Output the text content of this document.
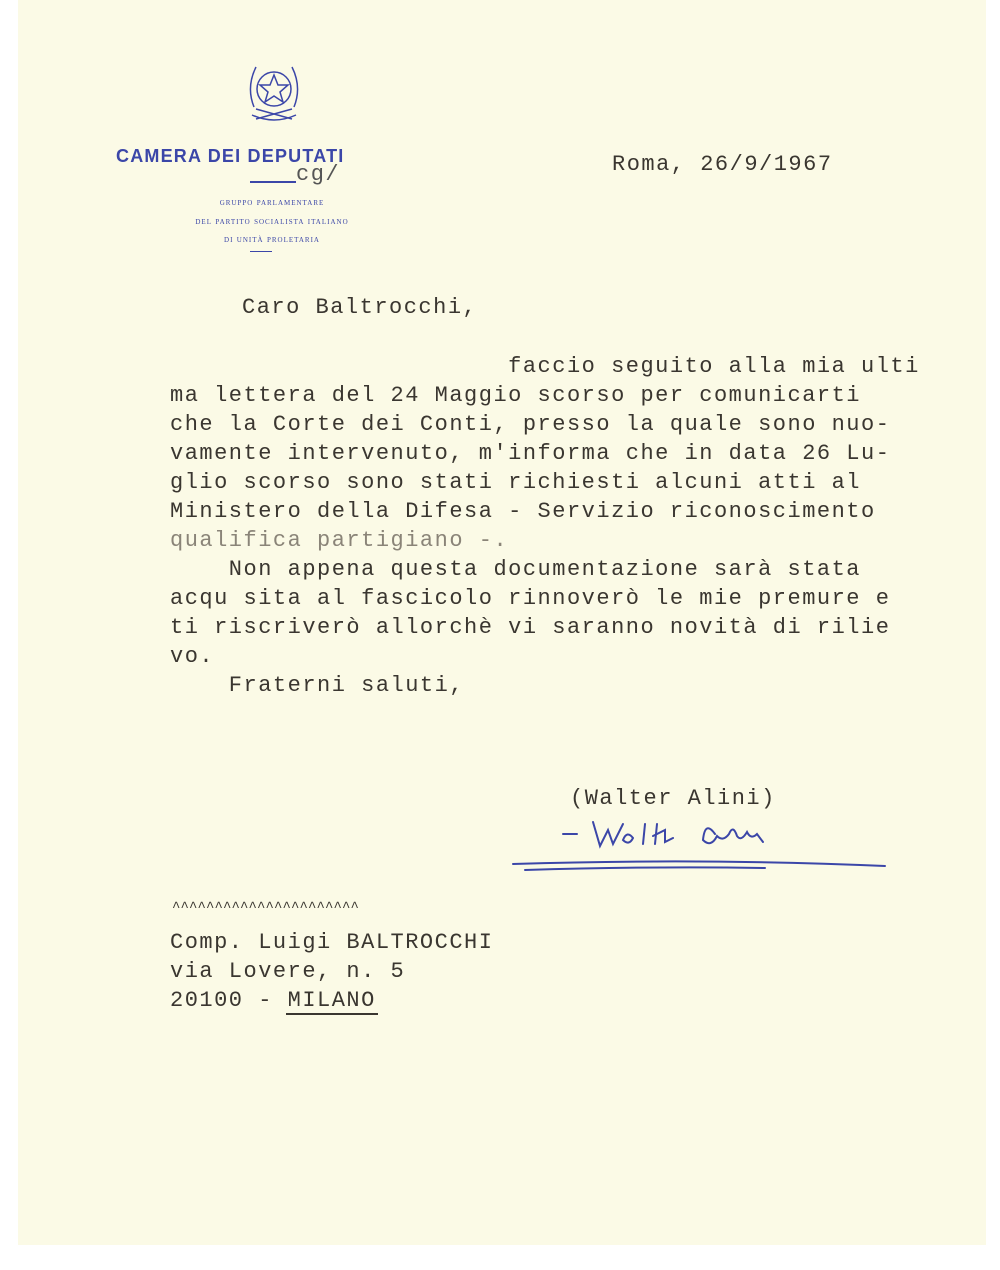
CAMERA DEI DEPUTATI
cg/
gruppo parlamentare
del partito socialista italiano
di unità proletaria
Roma, 26/9/1967
Caro Baltrocchi,
faccio seguito alla mia ulti
ma lettera del 24 Maggio scorso per comunicarti
che la Corte dei Conti, presso la quale sono nuo-
vamente intervenuto, m'informa che in data 26 Lu-
glio scorso sono stati richiesti alcuni atti al
Ministero della Difesa - Servizio riconoscimento
qualifica partigiano -.
Non appena questa documentazione sarà stata
acqu sita al fascicolo rinnoverò le mie premure e
ti riscriverò allorchè vi saranno novità di rilie
vo.
Fraterni saluti,
(Walter Alini)
^^^^^^^^^^^^^^^^^^^^^^
Comp. Luigi BALTROCCHI
via Lovere, n. 5
20100 - MILANO
